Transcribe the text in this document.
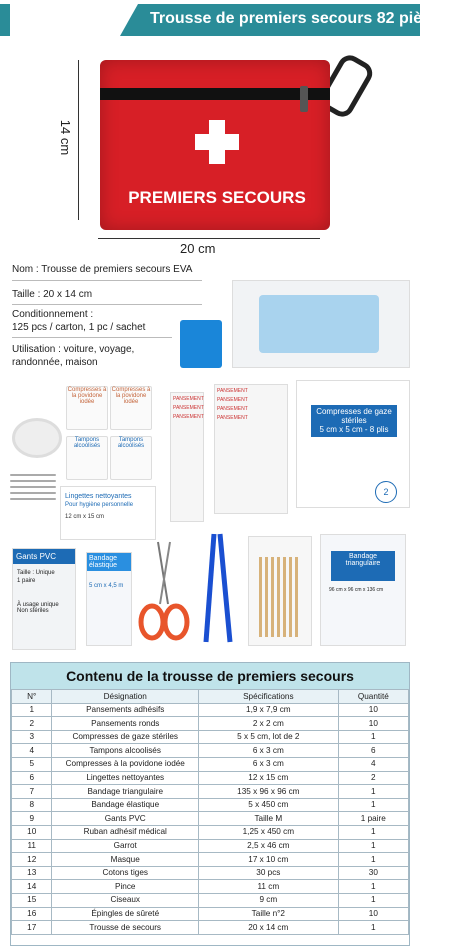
Trousse de premiers secours 82 pièces
PREMIERS SECOURS
14 cm
20 cm
Nom : Trousse de premiers secours EVA
Taille : 20 x 14 cm
Conditionnement :
125 pcs / carton, 1 pc / sachet
Utilisation : voiture, voyage,
randonnée, maison
Compresses à la povidone iodée
Compresses à la povidone iodée
Tampons alcoolisés
Tampons alcoolisés
Lingettes nettoyantes
Pour hygiène personnelle
12 cm x 15 cm
PANSEMENT
PANSEMENT
PANSEMENT
PANSEMENT
PANSEMENT
PANSEMENT
PANSEMENT
Compresses de gaze stériles
5 cm x 5 cm - 8 plis
2
Gants PVC
Taille : Unique
1 paire
À usage unique Non stériles
Bandage élastique
5 cm x 4,5 m
Bandage triangulaire
96 cm x 96 cm x 136 cm
Contenu de la trousse de premiers secours
N°	Désignation	Spécifications	Quantité
1	Pansements adhésifs	1,9 x 7,9 cm	10
2	Pansements ronds	2 x 2 cm	10
3	Compresses de gaze stériles	5 x 5 cm, lot de 2	1
4	Tampons alcoolisés	6 x 3 cm	6
5	Compresses à la povidone iodée	6 x 3 cm	4
6	Lingettes nettoyantes	12 x 15 cm	2
7	Bandage triangulaire	135 x 96 x 96 cm	1
8	Bandage élastique	5 x 450 cm	1
9	Gants PVC	Taille M	1 paire
10	Ruban adhésif médical	1,25 x 450 cm	1
11	Garrot	2,5 x 46 cm	1
12	Masque	17 x 10 cm	1
13	Cotons tiges	30 pcs	30
14	Pince	11 cm	1
15	Ciseaux	9 cm	1
16	Épingles de sûreté	Taille n°2	10
17	Trousse de secours	20 x 14 cm	1
